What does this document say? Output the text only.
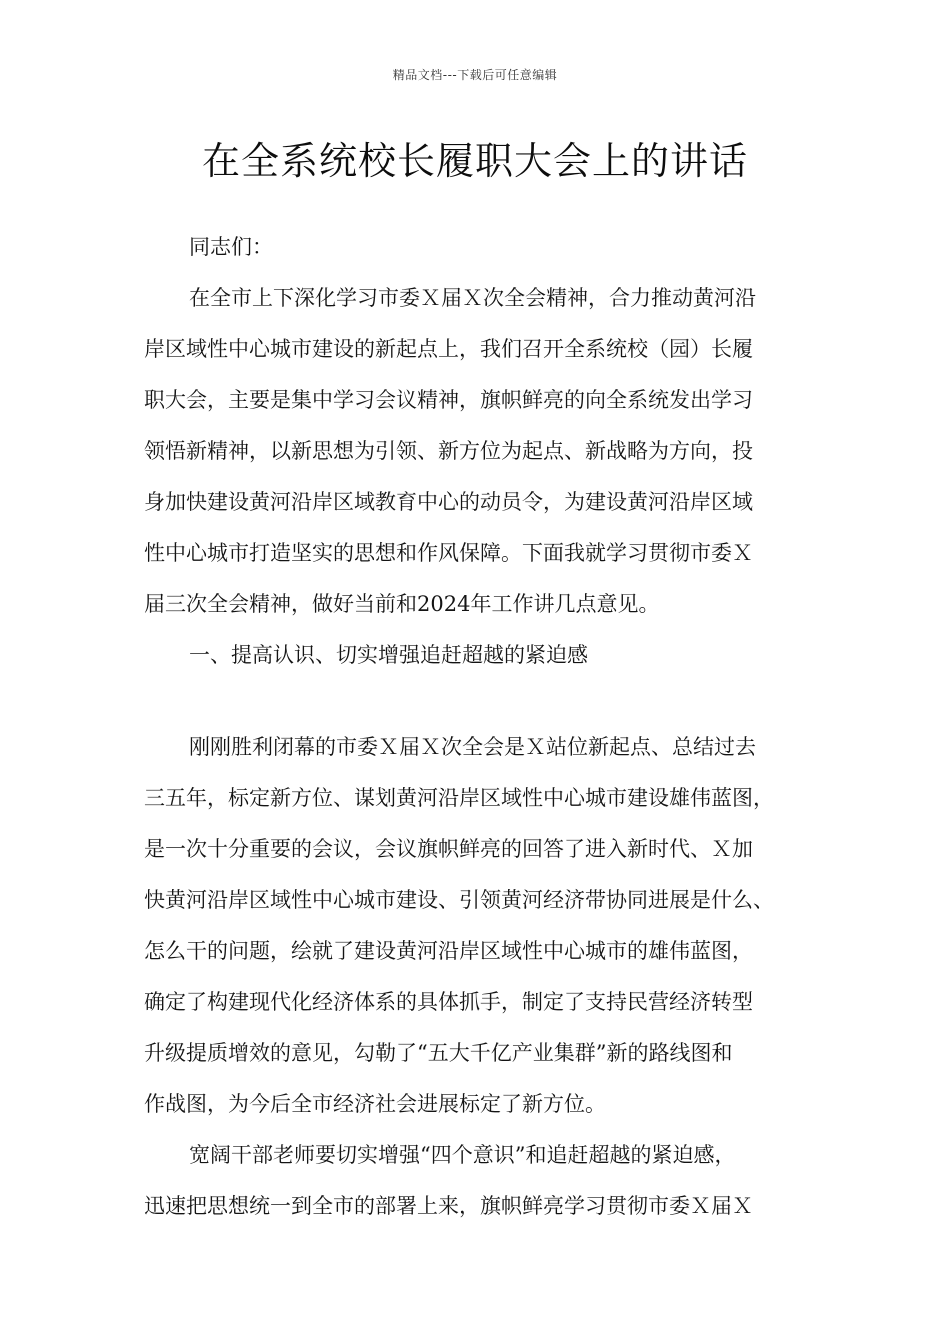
精品文档---下载后可任意编辑
在全系统校长履职大会上的讲话
同志们：
在全市上下深化学习市委Ｘ届Ｘ次全会精神，合力推动黄河沿
岸区域性中心城市建设的新起点上，我们召开全系统校（园）长履
职大会，主要是集中学习会议精神，旗帜鲜亮的向全系统发出学习
领悟新精神，以新思想为引领、新方位为起点、新战略为方向，投
身加快建设黄河沿岸区域教育中心的动员令，为建设黄河沿岸区域
性中心城市打造坚实的思想和作风保障。下面我就学习贯彻市委Ｘ
届三次全会精神，做好当前和2024年工作讲几点意见。
一、提高认识、切实增强追赶超越的紧迫感
刚刚胜利闭幕的市委Ｘ届Ｘ次全会是Ｘ站位新起点、总结过去
三五年，标定新方位、谋划黄河沿岸区域性中心城市建设雄伟蓝图，
是一次十分重要的会议，会议旗帜鲜亮的回答了进入新时代、Ｘ加
快黄河沿岸区域性中心城市建设、引领黄河经济带协同进展是什么、
怎么干的问题，绘就了建设黄河沿岸区域性中心城市的雄伟蓝图，
确定了构建现代化经济体系的具体抓手，制定了支持民营经济转型
升级提质增效的意见，勾勒了“五大千亿产业集群”新的路线图和
作战图，为今后全市经济社会进展标定了新方位。
宽阔干部老师要切实增强“四个意识”和追赶超越的紧迫感，
迅速把思想统一到全市的部署上来，旗帜鲜亮学习贯彻市委Ｘ届Ｘ
